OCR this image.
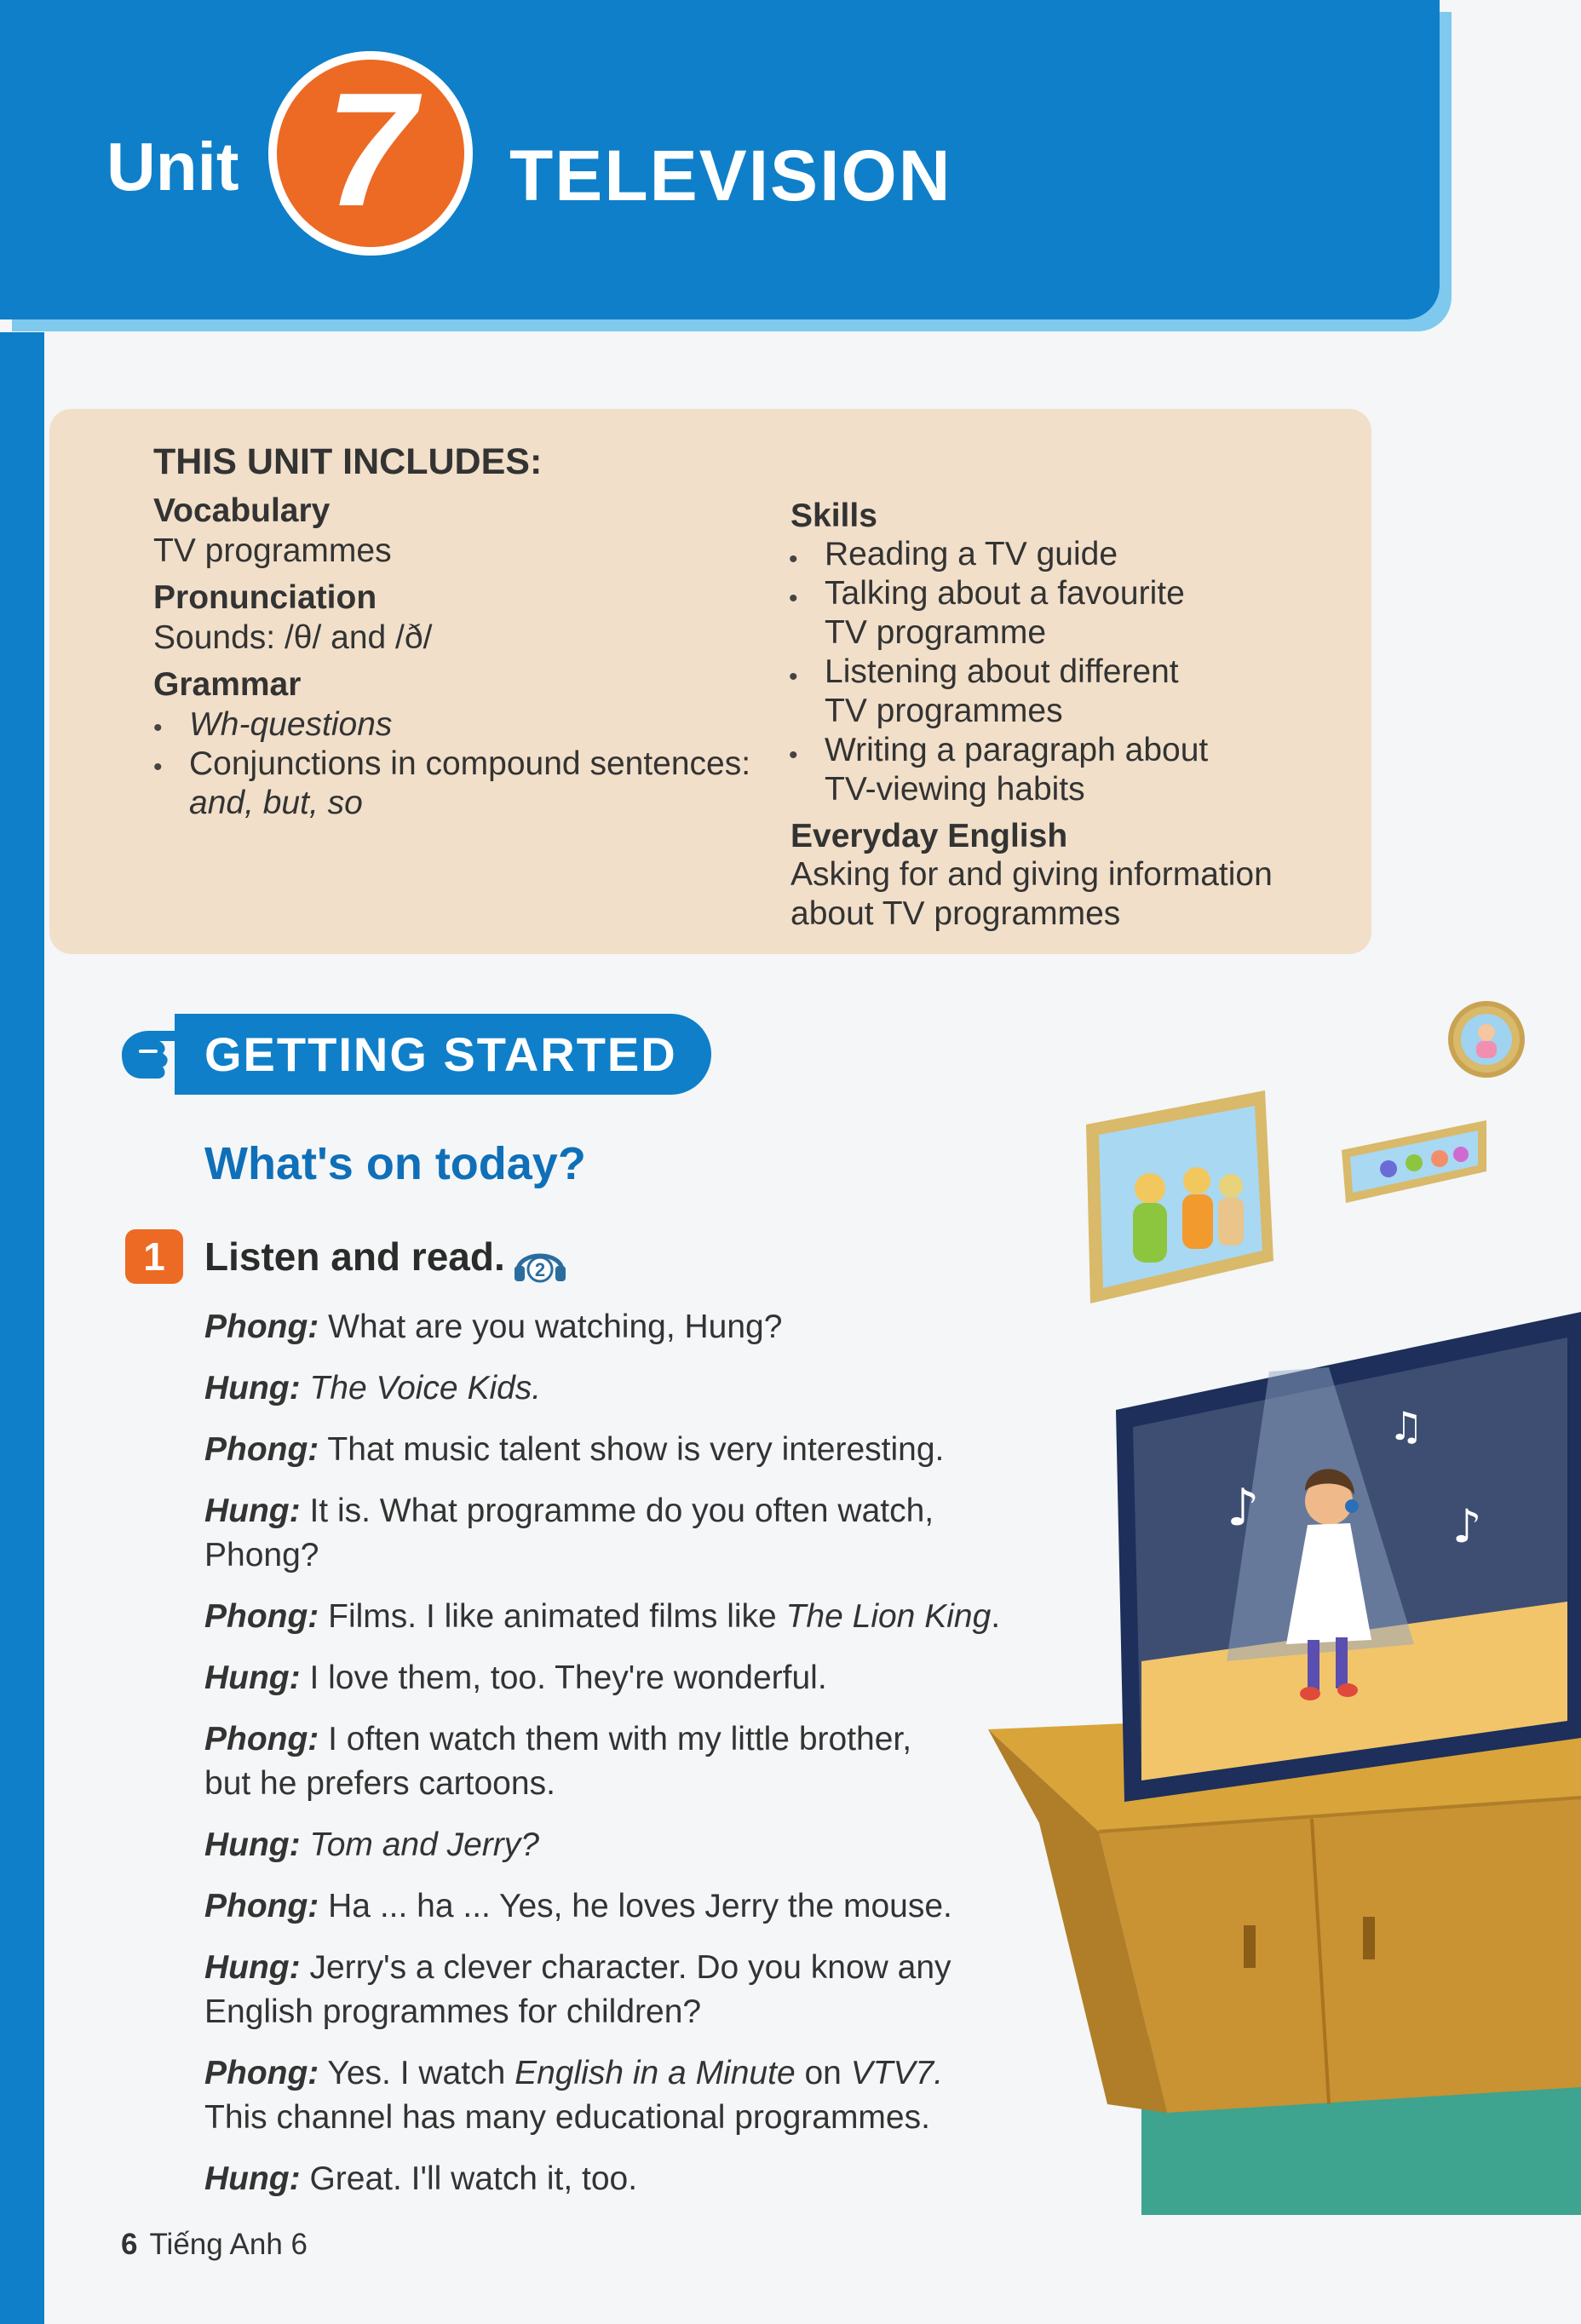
Unit 7 TELEVISION
THIS UNIT INCLUDES:
Vocabulary
TV programmes
Pronunciation
Sounds: /θ/ and /ð/
Grammar
• Wh-questions
• Conjunctions in compound sentences:
and, but, so
Skills
• Reading a TV guide
• Talking about a favourite
TV programme
• Listening about different
TV programmes
• Writing a paragraph about
TV-viewing habits
Everyday English
Asking for and giving information
about TV programmes
GETTING STARTED
What's on today?
1	Listen and read. 2
Phong: What are you watching, Hung?
Hung: The Voice Kids.
Phong: That music talent show is very interesting.
Hung: It is. What programme do you often watch,
Phong?
Phong: Films. I like animated films like The Lion King.
Hung: I love them, too. They're wonderful.
Phong: I often watch them with my little brother,
but he prefers cartoons.
Hung: Tom and Jerry?
Phong: Ha ... ha ... Yes, he loves Jerry the mouse.
Hung: Jerry's a clever character. Do you know any
English programmes for children?
Phong: Yes. I watch English in a Minute on VTV7.
This channel has many educational programmes.
Hung: Great. I'll watch it, too.
♪
♫
♪
6 Tiếng Anh 6
